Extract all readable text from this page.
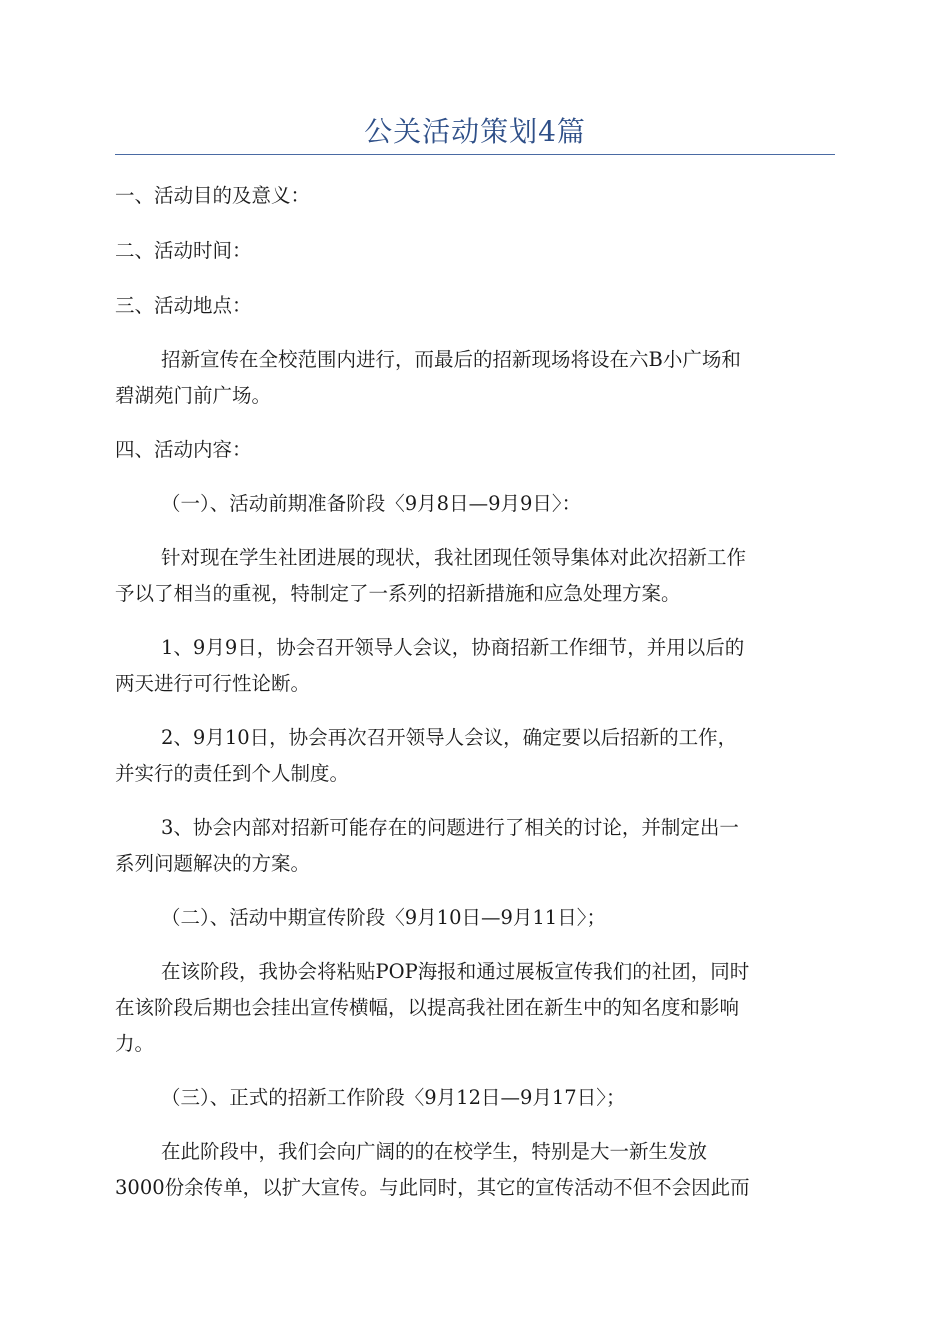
公关活动策划4篇
一、活动目的及意义：
二、活动时间：
三、活动地点：
招新宣传在全校范围内进行，而最后的招新现场将设在六B小广场和
碧湖苑门前广场。
四、活动内容：
（一）、活动前期准备阶段〈9月8日—9月9日〉：
针对现在学生社团进展的现状，我社团现任领导集体对此次招新工作
予以了相当的重视，特制定了一系列的招新措施和应急处理方案。
1、9月9日，协会召开领导人会议，协商招新工作细节，并用以后的
两天进行可行性论断。
2、9月10日，协会再次召开领导人会议，确定要以后招新的工作，
并实行的责任到个人制度。
3、协会内部对招新可能存在的问题进行了相关的讨论，并制定出一
系列问题解决的方案。
（二）、活动中期宣传阶段〈9月10日—9月11日〉；
在该阶段，我协会将粘贴POP海报和通过展板宣传我们的社团，同时
在该阶段后期也会挂出宣传横幅，以提高我社团在新生中的知名度和影响
力。
（三）、正式的招新工作阶段〈9月12日—9月17日〉；
在此阶段中，我们会向广阔的的在校学生，特别是大一新生发放
3000份余传单，以扩大宣传。与此同时，其它的宣传活动不但不会因此而
